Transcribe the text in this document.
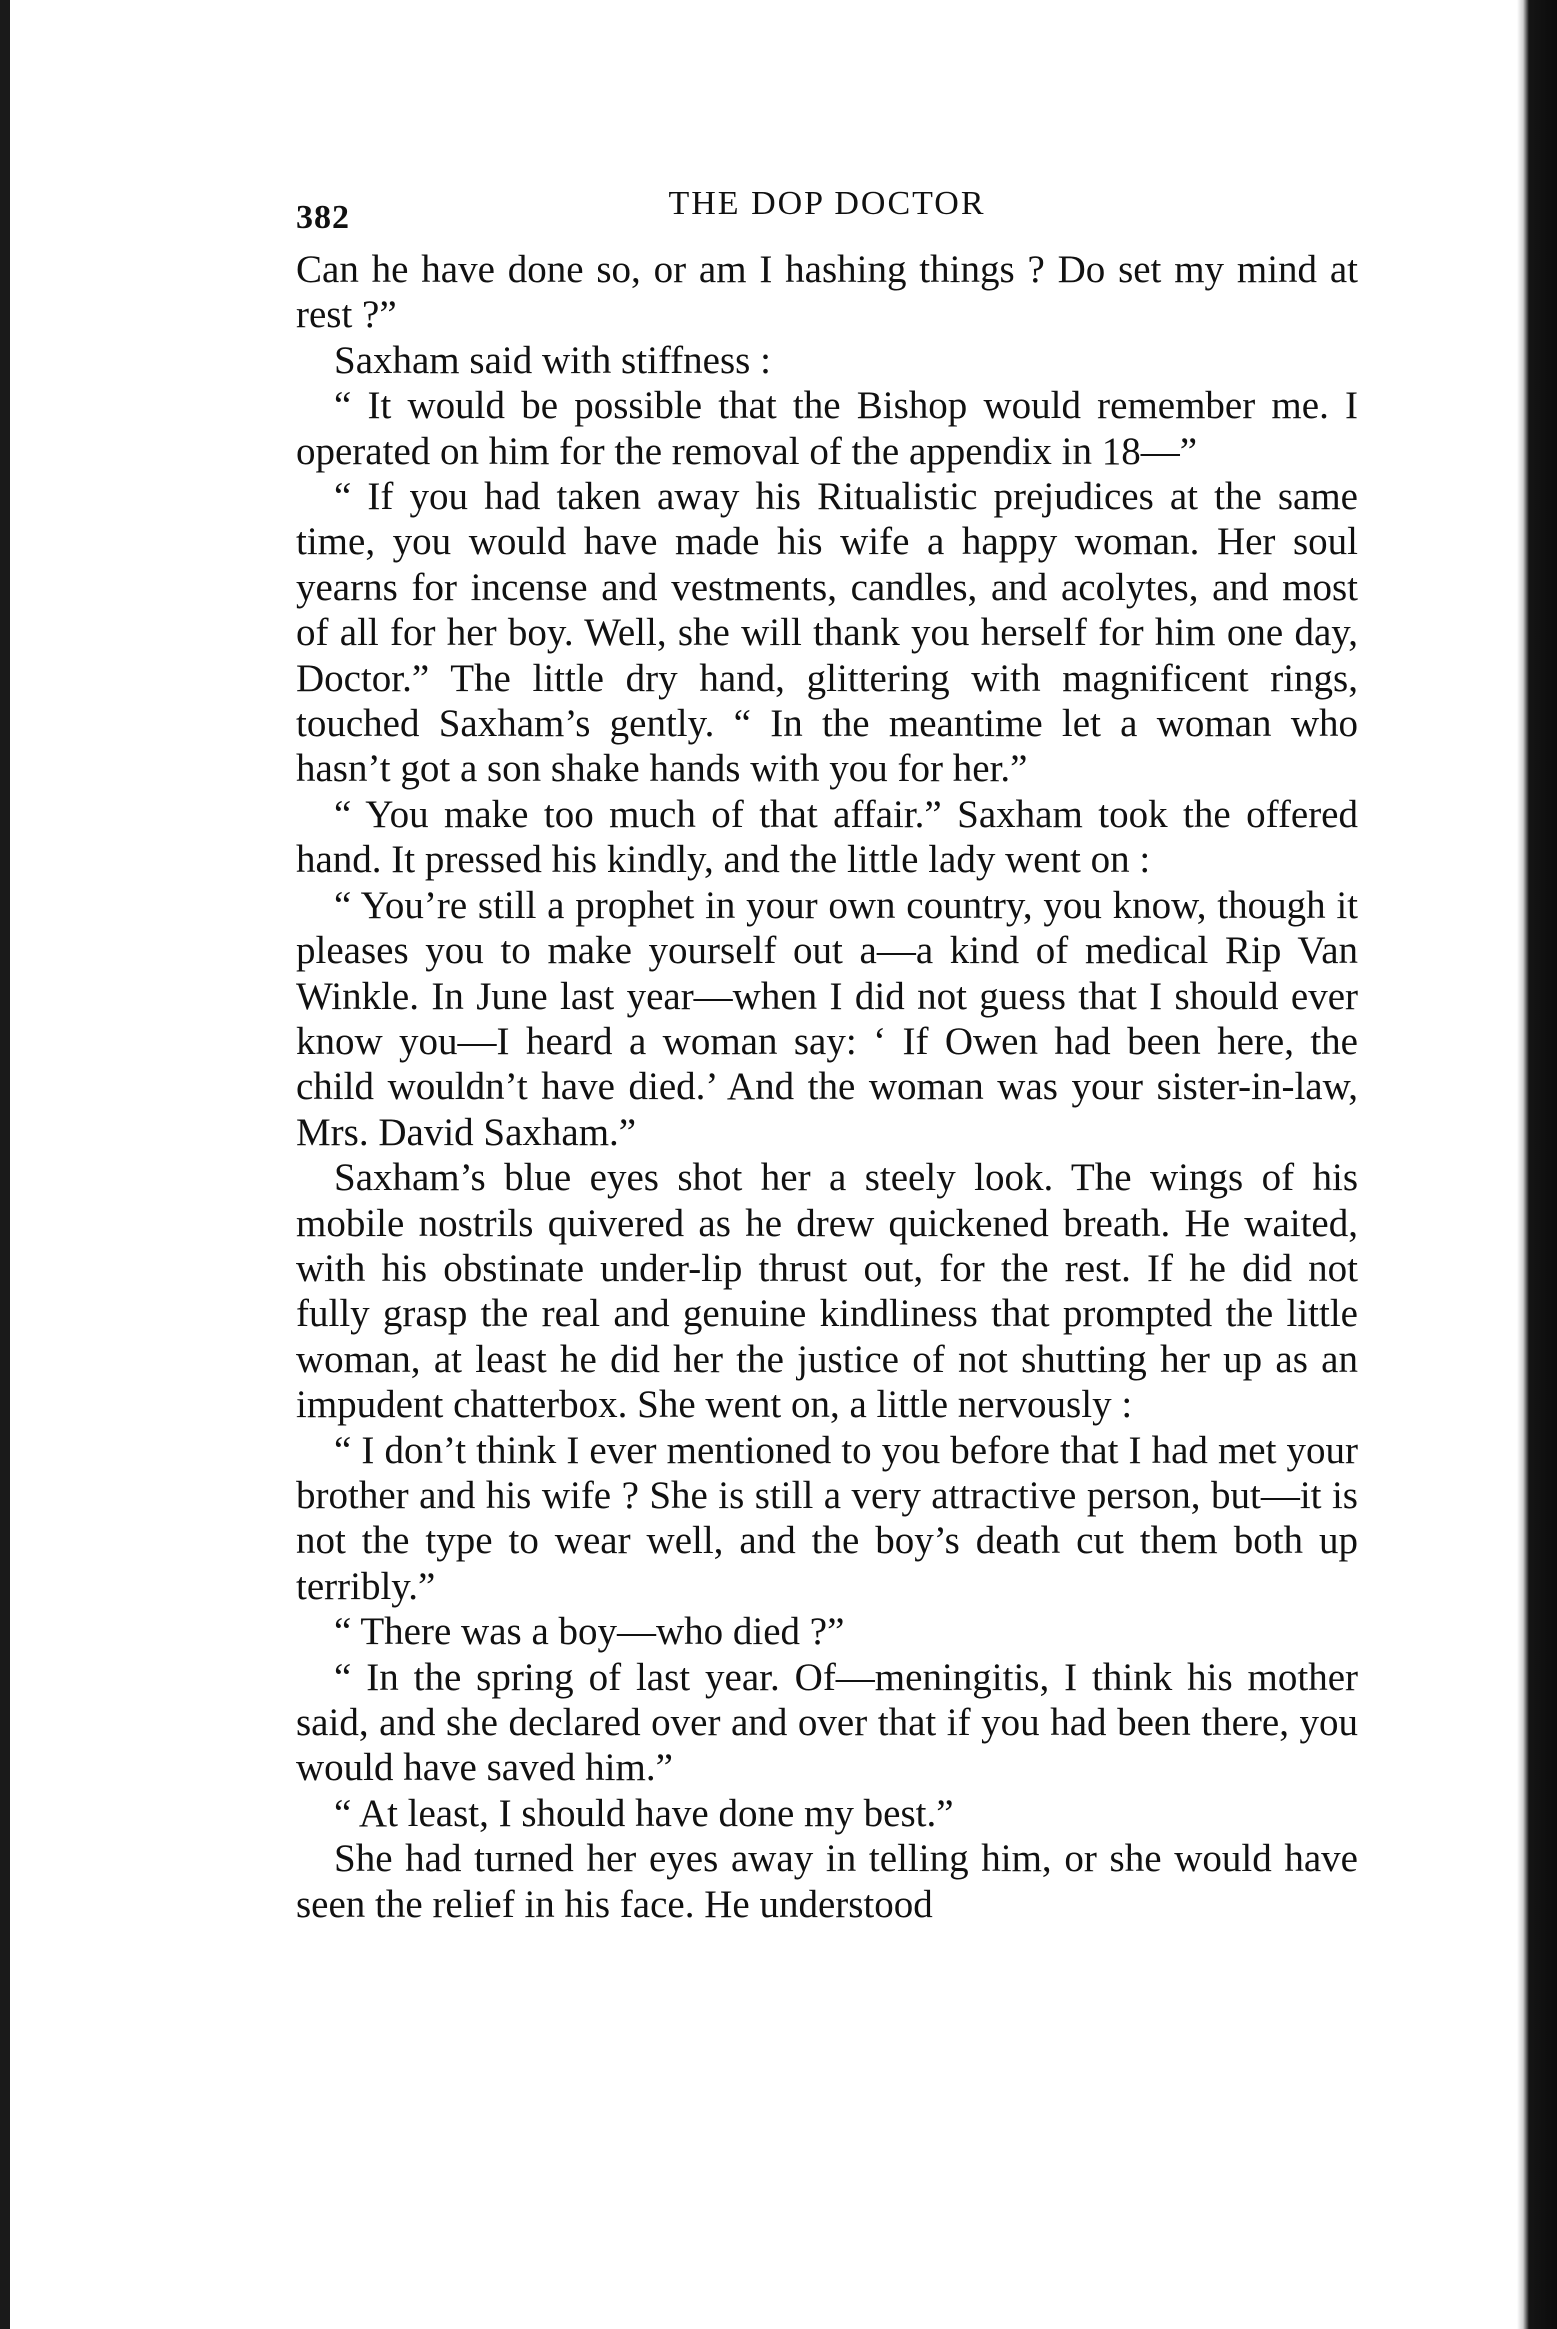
382	THE DOP DOCTOR

Can he have done so, or am I hashing things ? Do set my mind at rest ?”

Saxham said with stiffness :

“ It would be possible that the Bishop would remember me. I operated on him for the removal of the appendix in 18—”

“ If you had taken away his Ritualistic prejudices at the same time, you would have made his wife a happy woman. Her soul yearns for incense and vestments, candles, and acolytes, and most of all for her boy. Well, she will thank you herself for him one day, Doctor.” The little dry hand, glittering with magnificent rings, touched Saxham’s gently. “ In the meantime let a woman who hasn’t got a son shake hands with you for her.”

“ You make too much of that affair.” Saxham took the offered hand. It pressed his kindly, and the little lady went on :

“ You’re still a prophet in your own country, you know, though it pleases you to make yourself out a—a kind of medical Rip Van Winkle. In June last year—when I did not guess that I should ever know you—I heard a woman say: ‘ If Owen had been here, the child wouldn’t have died.’ And the woman was your sister-in-law, Mrs. David Saxham.”

Saxham’s blue eyes shot her a steely look. The wings of his mobile nostrils quivered as he drew quickened breath. He waited, with his obstinate under-lip thrust out, for the rest. If he did not fully grasp the real and genuine kindliness that prompted the little woman, at least he did her the justice of not shutting her up as an impudent chatterbox. She went on, a little nervously :

“ I don’t think I ever mentioned to you before that I had met your brother and his wife ? She is still a very attractive person, but—it is not the type to wear well, and the boy’s death cut them both up terribly.”

“ There was a boy—who died ?”

“ In the spring of last year. Of—meningitis, I think his mother said, and she declared over and over that if you had been there, you would have saved him.”

“ At least, I should have done my best.”

She had turned her eyes away in telling him, or she would have seen the relief in his face. He understood
